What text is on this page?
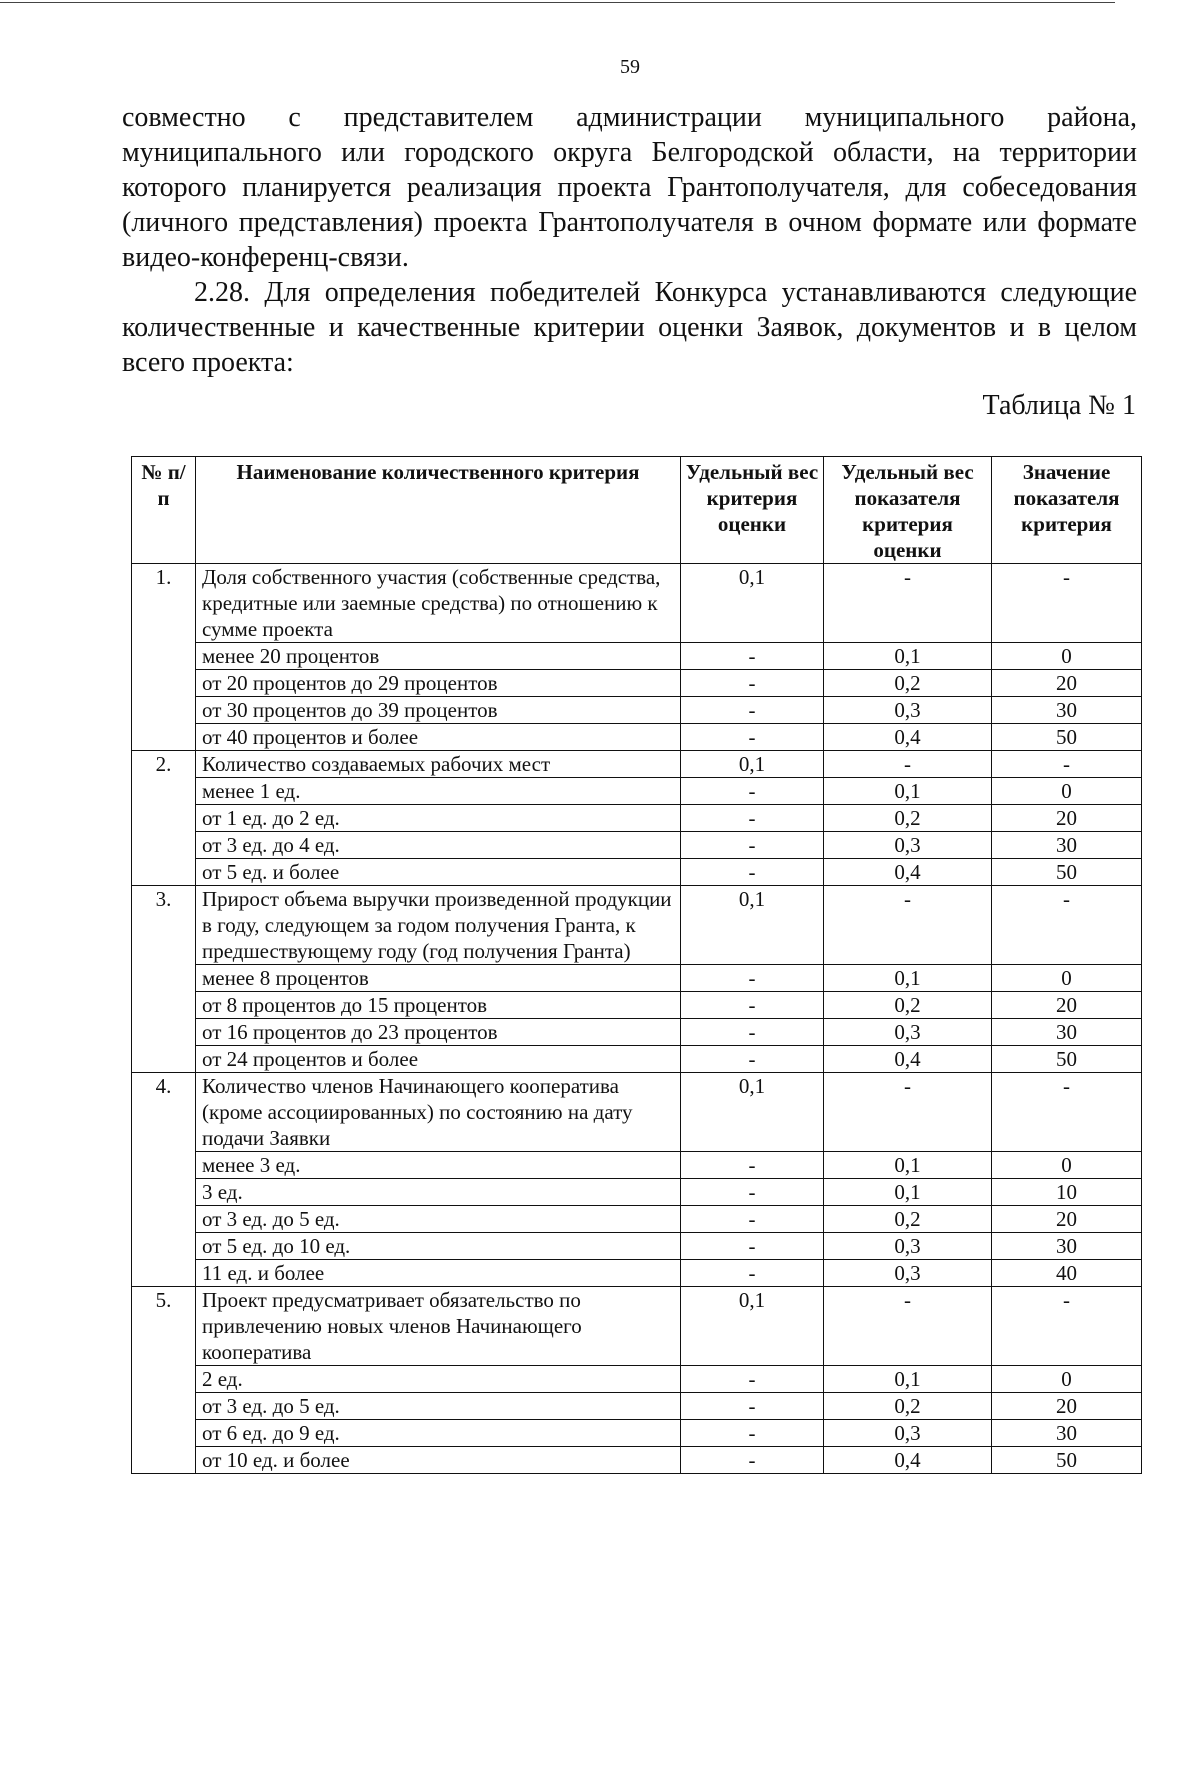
59

совместно с представителем администрации муниципального района, муниципального или городского округа Белгородской области, на территории которого планируется реализация проекта Грантополучателя, для собеседования (личного представления) проекта Грантополучателя в очном формате или формате видео-конференц-связи.

2.28. Для определения победителей Конкурса устанавливаются следующие количественные и качественные критерии оценки Заявок, документов и в целом всего проекта:

Таблица № 1
№ п/п	Наименование количественного критерия	Удельный вес критерия оценки	Удельный вес показателя критерия оценки	Значение показателя критерия
1.	Доля собственного участия (собственные средства, кредитные или заемные средства) по отношению к сумме проекта	0,1	-	-
	менее 20 процентов	-	0,1	0
	от 20 процентов до 29 процентов	-	0,2	20
	от 30 процентов до 39 процентов	-	0,3	30
	от 40 процентов и более	-	0,4	50
2.	Количество создаваемых рабочих мест	0,1	-	-
	менее 1 ед.	-	0,1	0
	от 1 ед. до 2 ед.	-	0,2	20
	от 3 ед. до 4 ед.	-	0,3	30
	от 5 ед. и более	-	0,4	50
3.	Прирост объема выручки произведенной продукции в году, следующем за годом получения Гранта, к предшествующему году (год получения Гранта)	0,1	-	-
	менее 8 процентов	-	0,1	0
	от 8 процентов до 15 процентов	-	0,2	20
	от 16 процентов до 23 процентов	-	0,3	30
	от 24 процентов и более	-	0,4	50
4.	Количество членов Начинающего кооператива (кроме ассоциированных) по состоянию на дату подачи Заявки	0,1	-	-
	менее 3 ед.	-	0,1	0
	3 ед.	-	0,1	10
	от 3 ед. до 5 ед.	-	0,2	20
	от 5 ед. до 10 ед.	-	0,3	30
	11 ед. и более	-	0,3	40
5.	Проект предусматривает обязательство по привлечению новых членов Начинающего кооператива	0,1	-	-
	2 ед.	-	0,1	0
	от 3 ед. до 5 ед.	-	0,2	20
	от 6 ед. до 9 ед.	-	0,3	30
	от 10 ед. и более	-	0,4	50
